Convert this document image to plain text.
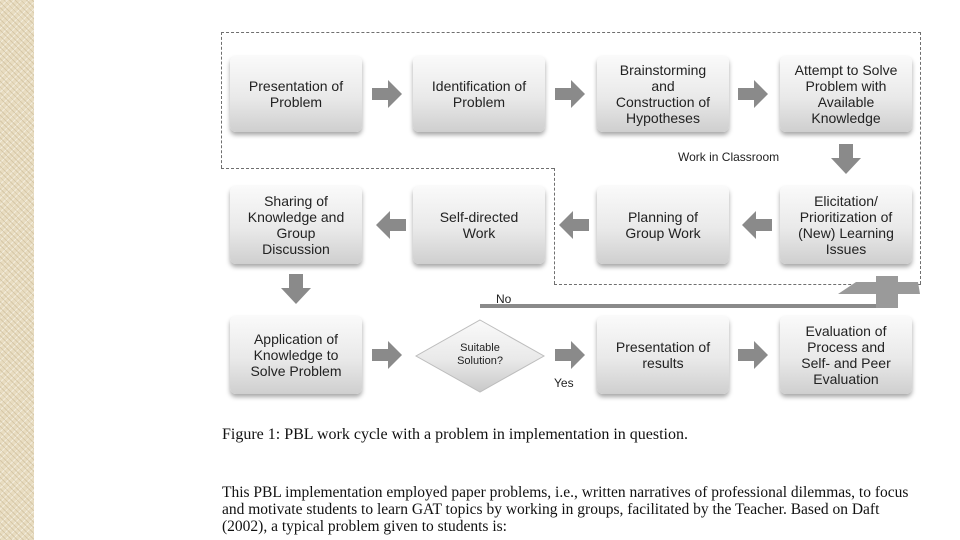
Work in Classroom
Presentation of
Problem
Identification of
Problem
Brainstorming
and
Construction of
Hypotheses
Attempt to Solve
Problem with
Available
Knowledge
Sharing of
Knowledge and
Group
Discussion
Self-directed
Work
Planning of
Group Work
Elicitation/
Prioritization of
(New) Learning
Issues
Application of
Knowledge to
Solve Problem
Suitable
Solution?
Presentation of
results
Evaluation of
Process and
Self- and Peer
Evaluation
No
Yes
Figure 1: PBL work cycle with a problem in implementation in question.
This PBL implementation employed paper problems, i.e., written narratives of professional dilemmas, to focus and motivate students to learn GAT topics by working in groups, facilitated by the Teacher. Based on Daft (2002), a typical problem given to students is:
